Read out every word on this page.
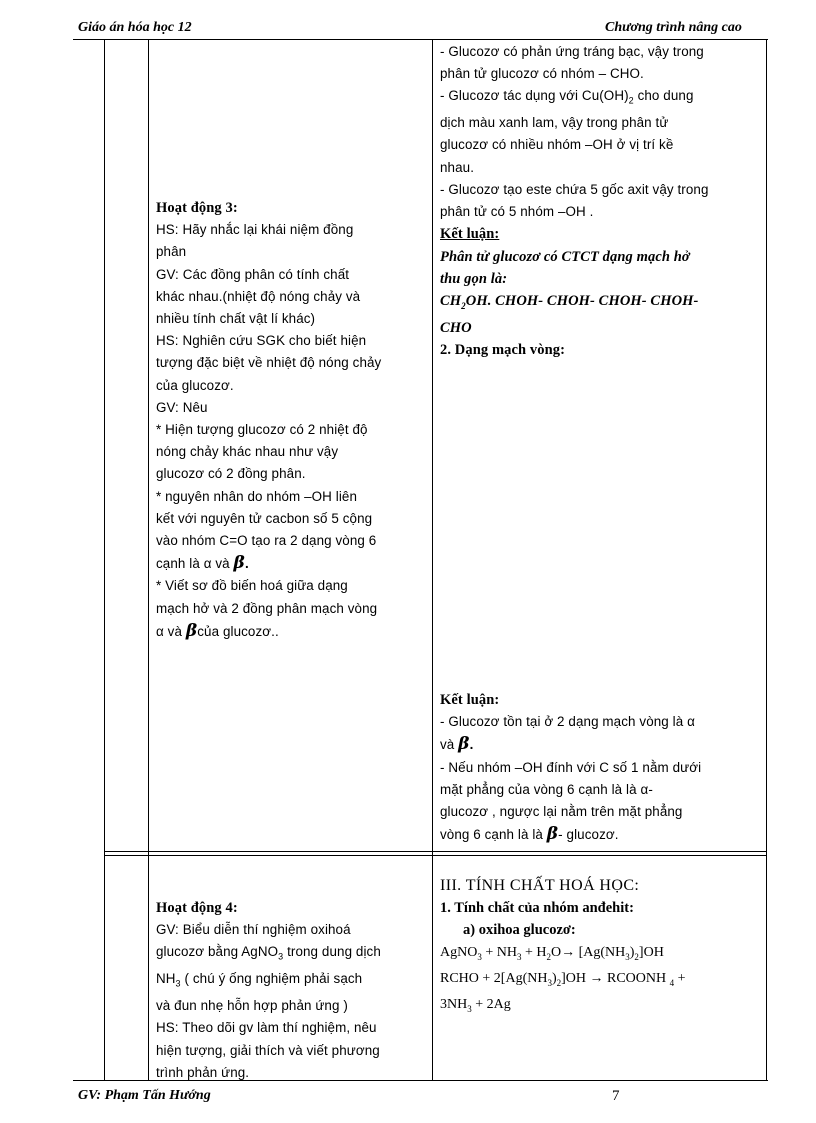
Giáo án hóa học 12	Chương trình nâng cao

Hoạt động 3:

HS: Hãy nhắc lại khái niệm đồng

phân

GV: Các đồng phân có tính chất

khác nhau.(nhiệt độ nóng chảy và

nhiều tính chất vật lí khác)

HS: Nghiên cứu SGK cho biết hiện

tượng đặc biệt về nhiệt độ nóng chảy

của glucozơ.

GV: Nêu

* Hiện tượng glucozơ có 2 nhiệt độ

nóng chảy khác nhau như vậy

glucozơ có 2 đồng phân.

* nguyên nhân do nhóm –OH liên

kết với nguyên tử cacbon số 5 cộng

vào nhóm C=O tạo ra 2 dạng vòng 6

cạnh là α và β.

* Viết sơ đồ biến hoá giữa dạng

mạch hở và 2 đồng phân mạch vòng

α và βcủa glucozơ..

- Glucozơ có phản ứng tráng bạc, vậy trong

phân tử glucozơ có nhóm – CHO.

- Glucozơ tác dụng với $Cu(OH)_2$ cho dung

dịch màu xanh lam, vậy trong phân tử

glucozơ có nhiều nhóm –OH ở vị trí kề

nhau.

- Glucozơ tạo este chứa 5 gốc axit vậy trong

phân tử có 5 nhóm –OH .

Kết luận:

Phân tử glucozơ có CTCT dạng mạch hở

thu gọn là:

$CH_2OH$. CHOH- CHOH- CHOH- CHOH-

CHO

2. Dạng mạch vòng:

Kết luận:

- Glucozơ tồn tại ở 2 dạng mạch vòng là α

và β.

- Nếu nhóm –OH đính với C số 1 nằm dưới

mặt phẳng của vòng 6 cạnh là là α-

glucozơ , ngược lại nằm trên mặt phẳng

vòng 6 cạnh là là β- glucozơ.

Hoạt động 4:

GV: Biểu diễn thí nghiệm oxihoá

glucozơ bằng AgNO$_3$ trong dung dịch

$NH_3$ ( chú ý ống nghiệm phải sạch

và đun nhẹ hỗn hợp phản ứng )

HS: Theo dõi gv làm thí nghiệm, nêu

hiện tượng, giải thích và viết phương

trình phản ứng.

III. TÍNH CHẤT HOÁ HỌC:

1. Tính chất của nhóm anđehit:

a) oxihoa glucozơ:

AgNO$_3$ + $NH_3 + H_2O\to [Ag(NH_3)_2]OH$

RCHO + $2[Ag(NH_3)_2]OH$ → RCOONH $_4$ +

$3NH_3 + 2Ag$

GV: Phạm Tấn Hướng	7
